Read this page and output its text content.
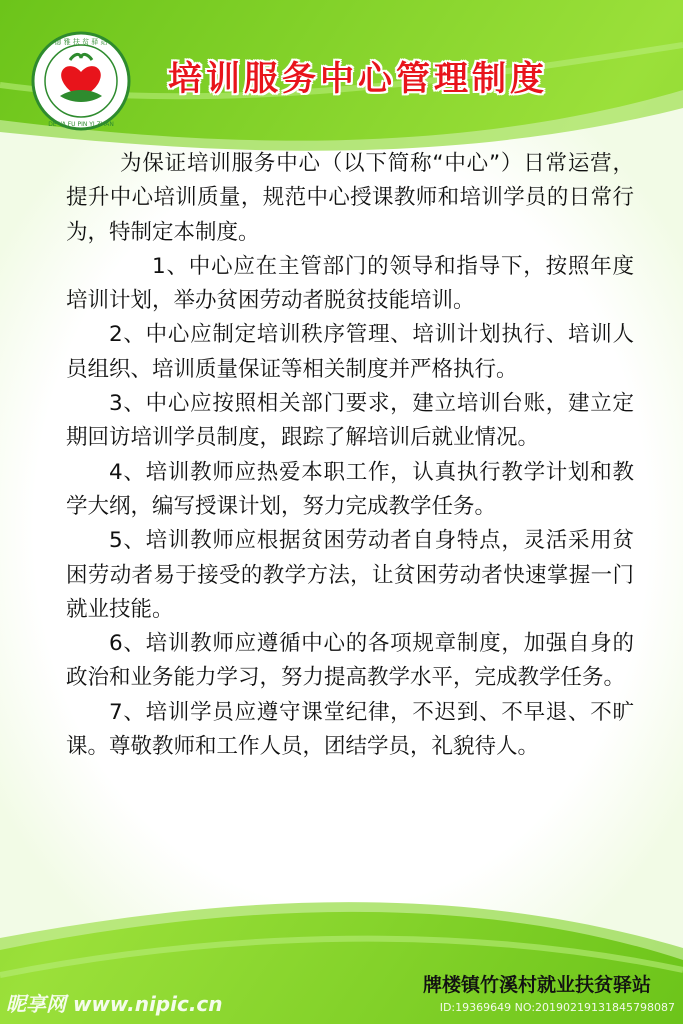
德 雅 扶 贫 驿 站
DE YA FU PIN YI ZHAN
培训服务中心管理制度

为保证培训服务中心（以下简称“中心”）日常运营，提升中心培训质量，规范中心授课教师和培训学员的日常行为，特制定本制度。

1、中心应在主管部门的领导和指导下，按照年度培训计划，举办贫困劳动者脱贫技能培训。

2、中心应制定培训秩序管理、培训计划执行、培训人员组织、培训质量保证等相关制度并严格执行。

3、中心应按照相关部门要求，建立培训台账，建立定期回访培训学员制度，跟踪了解培训后就业情况。

4、培训教师应热爱本职工作，认真执行教学计划和教学大纲，编写授课计划，努力完成教学任务。

5、培训教师应根据贫困劳动者自身特点，灵活采用贫困劳动者易于接受的教学方法，让贫困劳动者快速掌握一门就业技能。

6、培训教师应遵循中心的各项规章制度，加强自身的政治和业务能力学习，努力提高教学水平，完成教学任务。

7、培训学员应遵守课堂纪律，不迟到、不早退、不旷课。尊敬教师和工作人员，团结学员，礼貌待人。

牌楼镇竹溪村就业扶贫驿站
昵享网 www.nipic.cn	ID:19369649 NO:20190219131845798087
